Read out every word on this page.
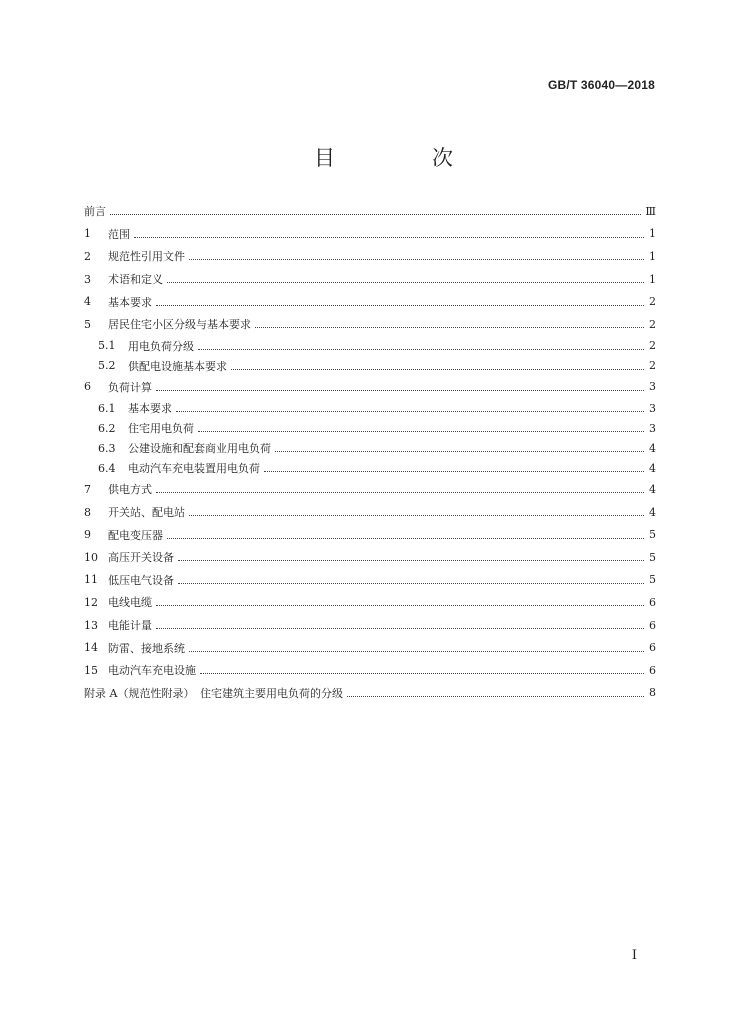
GB/T 36040—2018
目　次
前言	Ⅲ
1	范围	1
2	规范性引用文件	1
3	术语和定义	1
4	基本要求	2
5	居民住宅小区分级与基本要求	2
5.1	用电负荷分级	2
5.2	供配电设施基本要求	2
6	负荷计算	3
6.1	基本要求	3
6.2	住宅用电负荷	3
6.3	公建设施和配套商业用电负荷	4
6.4	电动汽车充电装置用电负荷	4
7	供电方式	4
8	开关站、配电站	4
9	配电变压器	5
10 高压开关设备	5
11 低压电气设备	5
12 电线电缆	6
13 电能计量	6
14 防雷、接地系统	6
15 电动汽车充电设施	6
附录 A（规范性附录）　住宅建筑主要用电负荷的分级	8
I
